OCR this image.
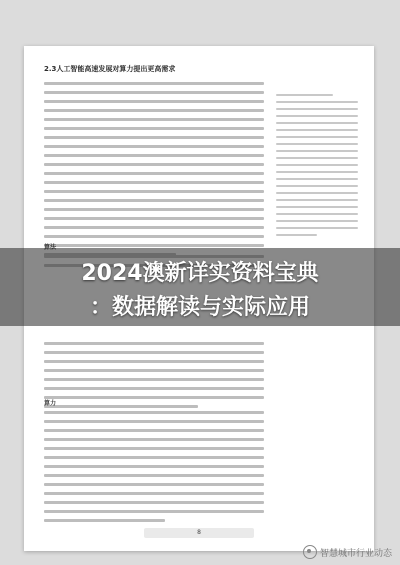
2.3人工智能高速发展对算力提出更高需求
算力
8
2024澳新详实资料宝典
：数据解读与实际应用
智慧城市行业动态
